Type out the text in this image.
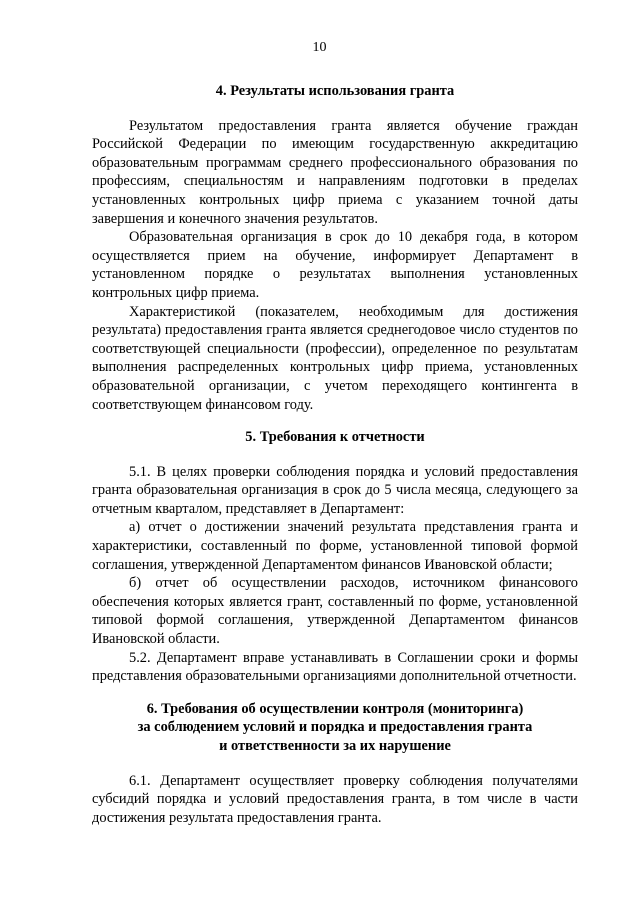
10
4. Результаты использования гранта

Результатом предоставления гранта является обучение граждан Российской Федерации по имеющим государственную аккредитацию образовательным программам среднего профессионального образования по профессиям, специальностям и направлениям подготовки в пределах установленных контрольных цифр приема с указанием точной даты завершения и конечного значения результатов.

Образовательная организация в срок до 10 декабря года, в котором осуществляется прием на обучение, информирует Департамент в установленном порядке о результатах выполнения установленных контрольных цифр приема.

Характеристикой (показателем, необходимым для достижения результата) предоставления гранта является среднегодовое число студентов по соответствующей специальности (профессии), определенное по результатам выполнения распределенных контрольных цифр приема, установленных образовательной организации, с учетом переходящего контингента в соответствующем финансовом году.

5. Требования к отчетности

5.1. В целях проверки соблюдения порядка и условий предоставления гранта образовательная организация в срок до 5 числа месяца, следующего за отчетным кварталом, представляет в Департамент:

а) отчет о достижении значений результата представления гранта и характеристики, составленный по форме, установленной типовой формой соглашения, утвержденной Департаментом финансов Ивановской области;

б) отчет об осуществлении расходов, источником финансового обеспечения которых является грант, составленный по форме, установленной типовой формой соглашения, утвержденной Департаментом финансов Ивановской области.

5.2. Департамент вправе устанавливать в Соглашении сроки и формы представления образовательными организациями дополнительной отчетности.

6. Требования об осуществлении контроля (мониторинга)
за соблюдением условий и порядка и предоставления гранта
и ответственности за их нарушение

6.1. Департамент осуществляет проверку соблюдения получателями субсидий порядка и условий предоставления гранта, в том числе в части достижения результата предоставления гранта.
